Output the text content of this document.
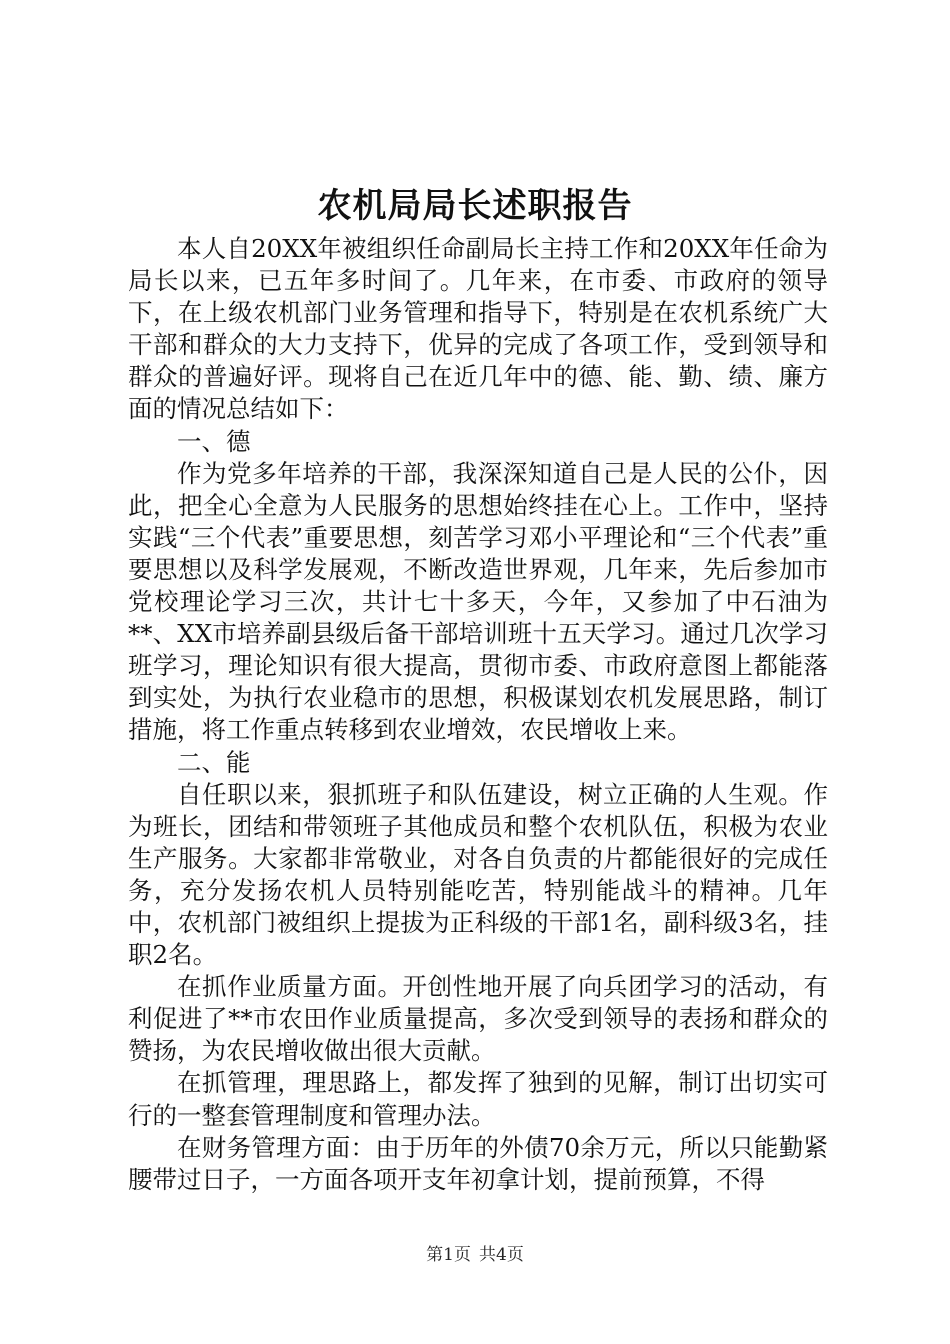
农机局局长述职报告

本人自20XX年被组织任命副局长主持工作和20XX年任命为局长以来，已五年多时间了。几年来，在市委、市政府的领导下，在上级农机部门业务管理和指导下，特别是在农机系统广大干部和群众的大力支持下，优异的完成了各项工作，受到领导和群众的普遍好评。现将自己在近几年中的德、能、勤、绩、廉方面的情况总结如下：

一、德

作为党多年培养的干部，我深深知道自己是人民的公仆，因此，把全心全意为人民服务的思想始终挂在心上。工作中，坚持实践“三个代表”重要思想，刻苦学习邓小平理论和“三个代表”重要思想以及科学发展观，不断改造世界观，几年来，先后参加市党校理论学习三次，共计七十多天，今年，又参加了中石油为**、XX市培养副县级后备干部培训班十五天学习。通过几次学习班学习，理论知识有很大提高，贯彻市委、市政府意图上都能落到实处，为执行农业稳市的思想，积极谋划农机发展思路，制订措施，将工作重点转移到农业增效，农民增收上来。

二、能

自任职以来，狠抓班子和队伍建设，树立正确的人生观。作为班长，团结和带领班子其他成员和整个农机队伍，积极为农业生产服务。大家都非常敬业，对各自负责的片都能很好的完成任务，充分发扬农机人员特别能吃苦，特别能战斗的精神。几年中，农机部门被组织上提拔为正科级的干部1名，副科级3名，挂职2名。

在抓作业质量方面。开创性地开展了向兵团学习的活动，有利促进了**市农田作业质量提高，多次受到领导的表扬和群众的赞扬，为农民增收做出很大贡献。

在抓管理，理思路上，都发挥了独到的见解，制订出切实可行的一整套管理制度和管理办法。

在财务管理方面：由于历年的外债70余万元，所以只能勤紧腰带过日子，一方面各项开支年初拿计划，提前预算，不得

第1页 共4页
